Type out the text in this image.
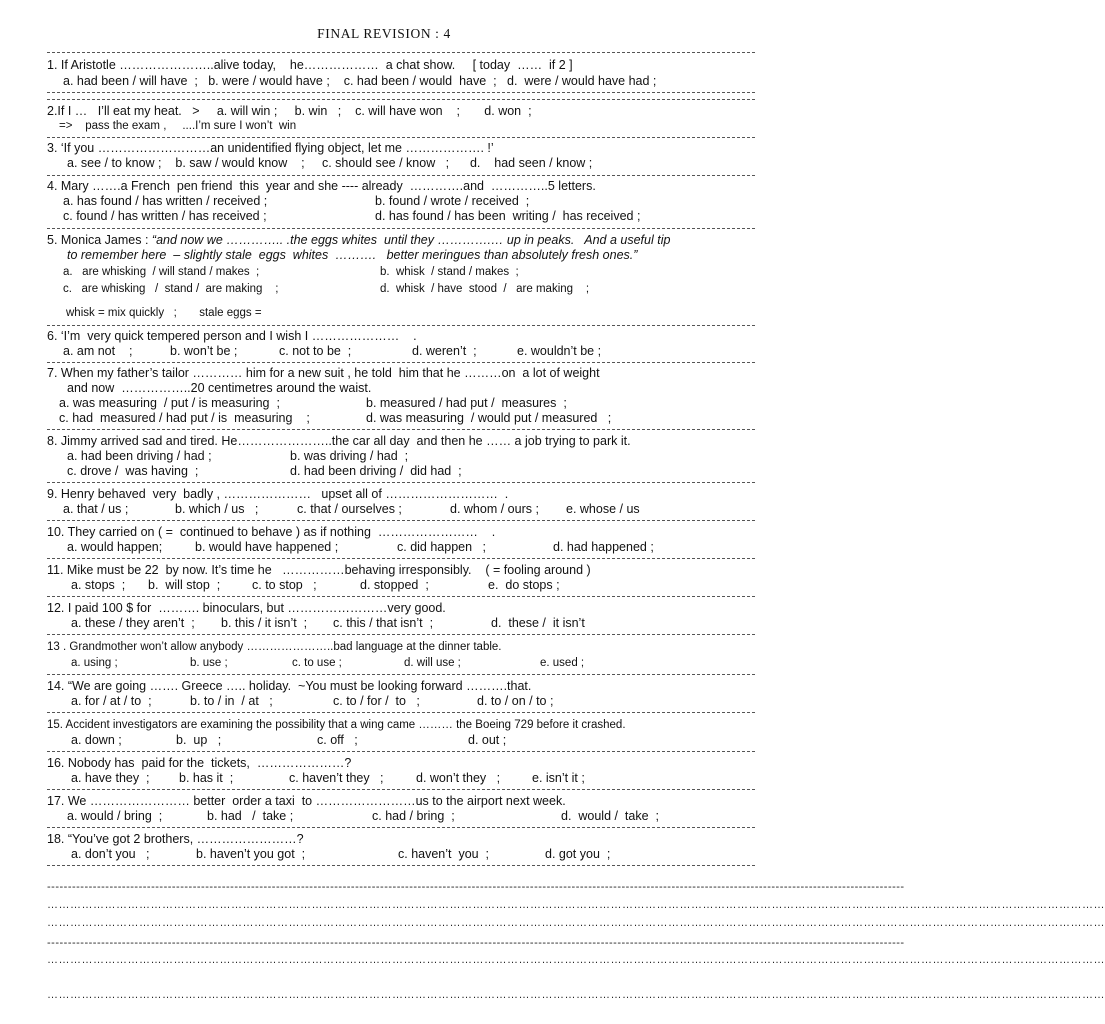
FINAL REVISION : 4
1. If Aristotle …………………..alive today,    he………………  a chat show.     [ today  ……  if 2 ]
a. had been / will have  ;   b. were / would have ;    c. had been / would  have  ;   d.  were / would have had ;
2.If I …   I’ll eat my heat.   >     a. will win ;     b. win   ;    c. will have won    ;       d. won  ;
=>    pass the exam ,     ....I’m sure I won’t  win
3. ‘If you ………………………an unidentified flying object, let me ………………. !’
a. see / to know ;    b. saw / would know    ;     c. should see / know   ;      d.    had seen / know ;
4. Mary …….a French  pen friend  this  year and she ---- already  ………….and  …………..5 letters.
a. has found / has written / received ;	b. found / wrote / received  ;
c. found / has written / has received ;	d. has found / has been  writing /  has received ;
5. Monica James : “and now we ………….. .the eggs whites  until they ………….… up in peaks.   And a useful tip
to remember here  – slightly stale  eggs  whites  ……….   better meringues than absolutely fresh ones.”
a.   are whisking  / will stand / makes  ;	b.  whisk  / stand / makes  ;
c.   are whisking   /  stand /  are making    ;	d.  whisk  / have  stood  /   are making    ;
whisk = mix quickly   ;       stale eggs =
6. ‘I’m  very quick tempered person and I wish I …………………    .
a. am not    ;	b. won’t be ;	c. not to be  ;	d. weren’t  ;	e. wouldn’t be ;
7. When my father’s tailor ………… him for a new suit , he told  him that he ………on  a lot of weight
and now  ……………..20 centimetres around the waist.
a. was measuring  / put / is measuring  ;	b. measured / had put /  measures  ;
c. had  measured / had put / is  measuring    ;	d. was measuring  / would put / measured   ;
8. Jimmy arrived sad and tired. He…………………..the car all day  and then he …… a job trying to park it.
a. had been driving / had ;	b. was driving / had  ;
c. drove /  was having  ;	d. had been driving /  did had  ;
9. Henry behaved  very  badly , …………………   upset all of ………………………  .
a. that / us ;	b. which / us   ;	c. that / ourselves ;	d. whom / ours ; e. whose / us
10. They carried on ( =  continued to behave ) as if nothing  ……………………    .
a. would happen;	b. would have happened ;	c. did happen   ;	d. had happened ;
11. Mike must be 22  by now. It’s time he   ……………behaving irresponsibly.    ( = fooling around )
a. stops  ; b.  will stop  ;	c. to stop   ;	d. stopped  ;	e.  do stops ;
12. I paid 100 $ for  ………. binoculars, but ……………………very good.
a. these / they aren’t  ; b. this / it isn’t  ; c. this / that isn’t  ;	d.  these /  it isn’t
13 . Grandmother won’t allow anybody …………………..bad language at the dinner table.
a. using ;	b. use ;	c. to use ;	d. will use ;	e. used ;
14. “We are going ……. Greece ….. holiday.  ~You must be looking forward ……….that.
a. for / at / to  ;	b. to / in  / at   ;	c. to / for /  to   ;	d. to / on / to ;
15. Accident investigators are examining the possibility that a wing came ……… the Boeing 729 before it crashed.
a. down ;	b.  up   ;	c. off   ;	d. out ;
16. Nobody has  paid for the  tickets,  …………………?
a. have they  ; b. has it  ;	c. haven’t they   ;	d. won’t they   ;	e. isn’t it ;
17. We …………………… better  order a taxi  to ……………………us to the airport next week.
a. would / bring  ;	b. had   /  take ;	c. had / bring  ;	d.  would /  take  ;
18. “You’ve got 2 brothers, ……………………?
a. don’t you   ;	b. haven’t you got  ;	c. haven’t  you  ;	d. got you  ;
--------------------------------------------------------------------------------------------------------------------------------------------------------------------------------------------------------------
……………………………………………………………………………………………………………………………………………………………………………………………………………………………………………………
……………………………………………………………………………………………………………………………………………………………………………………………………………………………………………………
--------------------------------------------------------------------------------------------------------------------------------------------------------------------------------------------------------------
……………………………………………………………………………………………………………………………………………………………………………………………………………………………………………………
……………………………………………………………………………………………………………………………………………………………………………………………………………………………………………………
